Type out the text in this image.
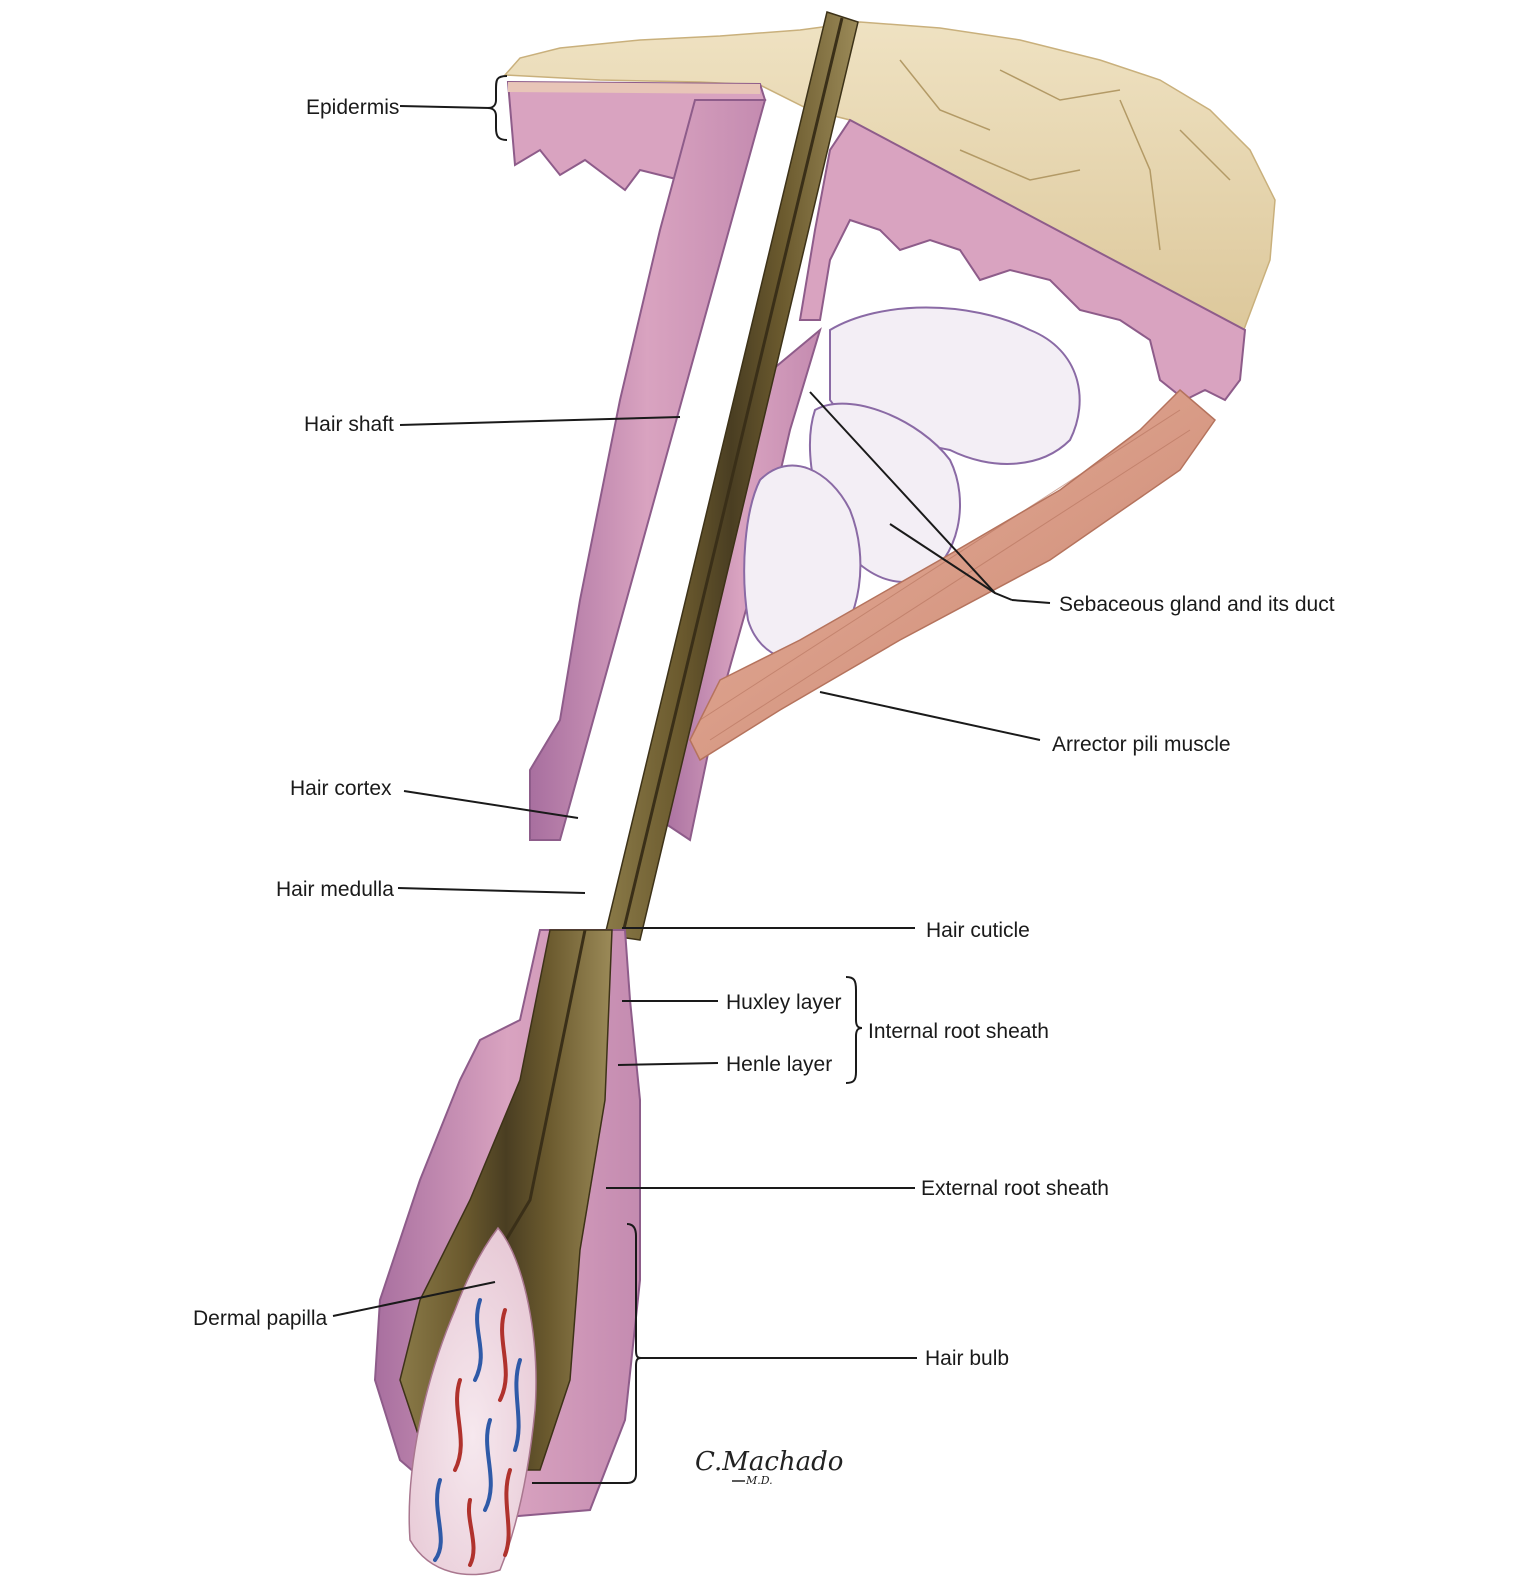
Epidermis
Hair shaft
Sebaceous gland and its duct
Arrector pili muscle
Hair cortex
Hair medulla
Hair cuticle
Huxley layer
Internal root sheath
Henle layer
External root sheath
Dermal papilla
Hair bulb
C.Machado
M.D.
